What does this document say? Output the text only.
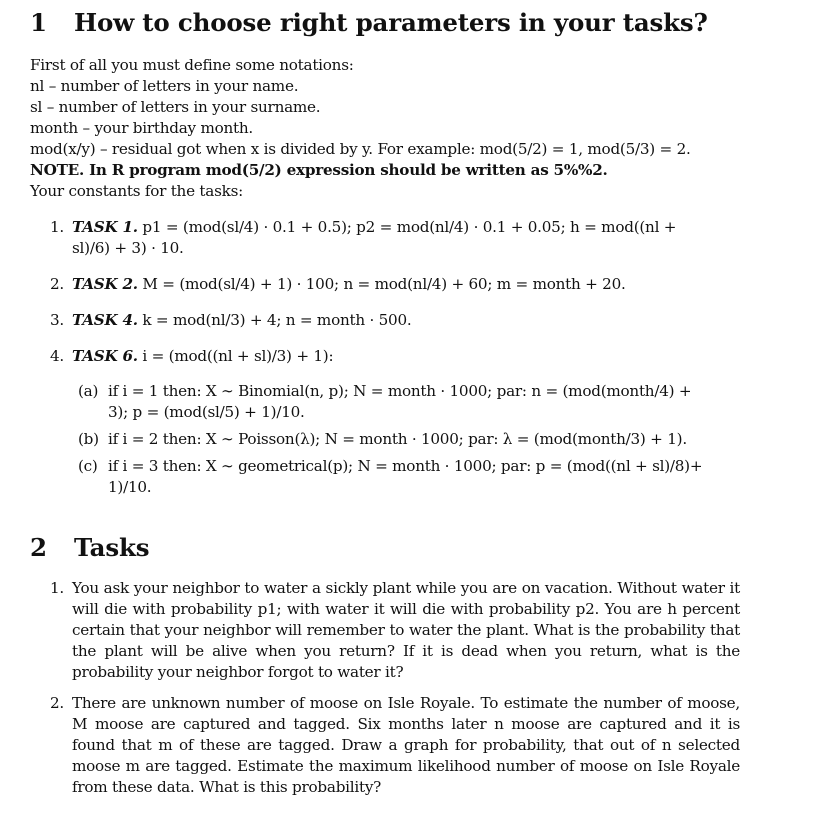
1 How to choose right parameters in your tasks?
First of all you must define some notations:
nl – number of letters in your name.
sl – number of letters in your surname.
month – your birthday month.
mod(x/y) – residual got when x is divided by y. For example: mod(5/2) = 1, mod(5/3) = 2.
NOTE. In R program mod(5/2) expression should be written as 5%%2.
Your constants for the tasks:
1. TASK 1. p1 = (mod(sl/4) · 0.1 + 0.5); p2 = mod(nl/4) · 0.1 + 0.05; h = mod((nl +
sl)/6) + 3) · 10.
2. TASK 2. M = (mod(sl/4) + 1) · 100; n = mod(nl/4) + 60; m = month + 20.
3. TASK 4. k = mod(nl/3) + 4; n = month · 500.
4. TASK 6. i = (mod((nl + sl)/3) + 1):
(a) if i = 1 then: X ∼ Binomial(n, p); N = month · 1000; par: n = (mod(month/4) +
3); p = (mod(sl/5) + 1)/10.
(b) if i = 2 then: X ∼ Poisson(λ); N = month · 1000; par: λ = (mod(month/3) + 1).
(c) if i = 3 then: X ∼ geometrical(p); N = month · 1000; par: p = (mod((nl + sl)/8)+
1)/10.
2 Tasks
1. You ask your neighbor to water a sickly plant while you are on vacation. Without water it will die with probability p1; with water it will die with probability p2. You are h percent certain that your neighbor will remember to water the plant. What is the probability that the plant will be alive when you return? If it is dead when you return, what is the probability your neighbor forgot to water it?
2. There are unknown number of moose on Isle Royale. To estimate the number of moose, M moose are captured and tagged. Six months later n moose are captured and it is found that m of these are tagged. Draw a graph for probability, that out of n selected moose m are tagged. Estimate the maximum likelihood number of moose on Isle Royale from these data. What is this probability?
